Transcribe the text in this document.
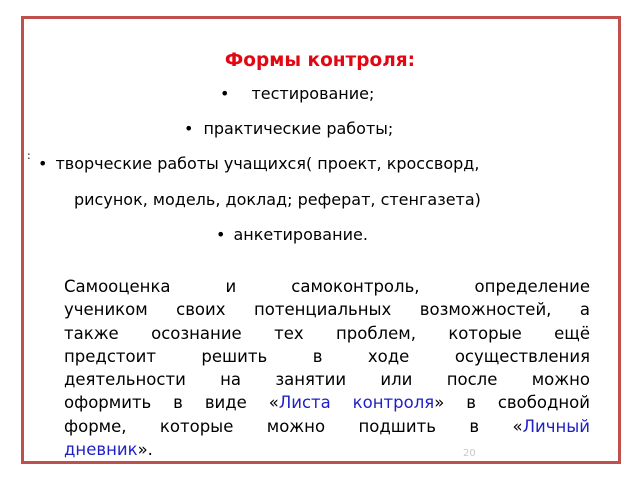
Формы контроля:
• тестирование;
• практические работы;
: • творческие работы учащихся( проект, кроссворд,
рисунок, модель, доклад; реферат, стенгазета)
• анкетирование.
Самооценка и самоконтроль, определение
учеником своих потенциальных возможностей, а
также осознание тех проблем, которые ещё
предстоит решить в ходе осуществления
деятельности на занятии или после можно
оформить в виде «Листа контроля» в свободной
форме, которые можно подшить в «Личный
дневник».	20
